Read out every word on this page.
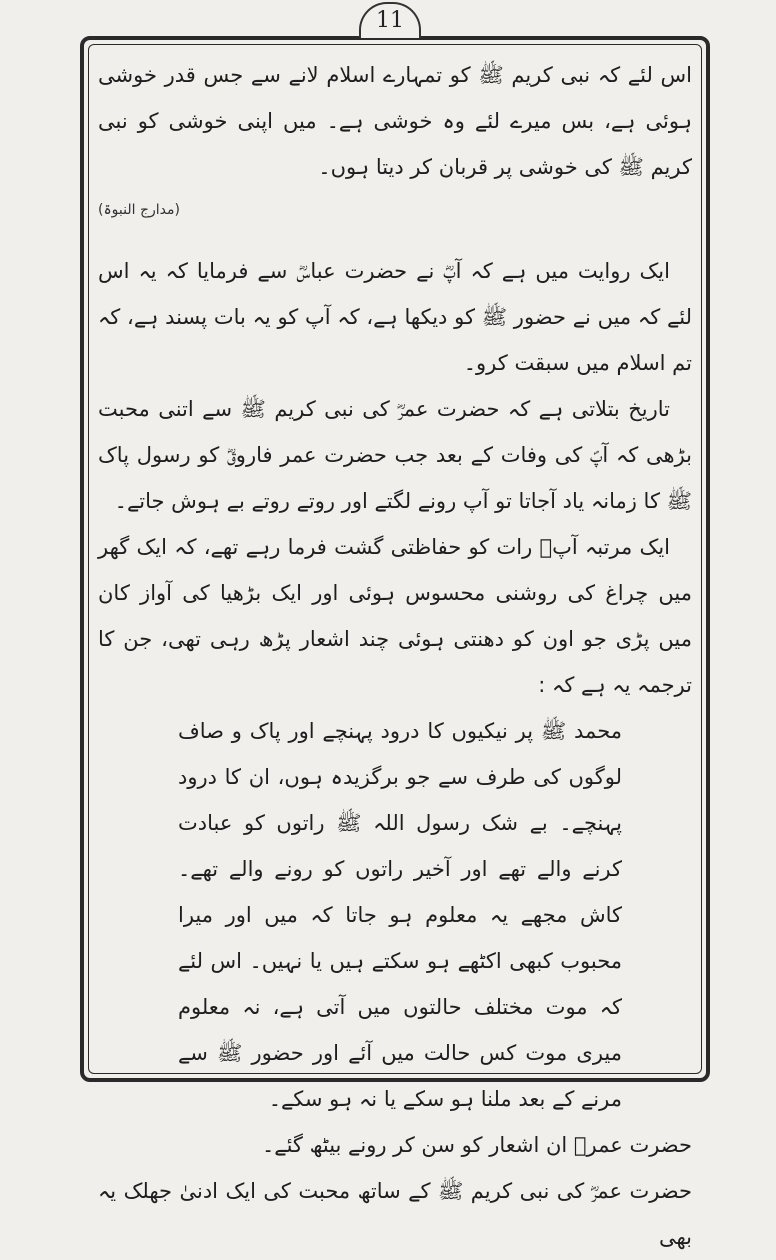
11

اس لئے کہ نبی کریم ﷺ کو تمہارے اسلام لانے سے جس قدر خوشی ہوئی ہے، بس میرے لئے وہ خوشی ہے۔ میں اپنی خوشی کو نبی کریم ﷺ کی خوشی پر قربان کر دیتا ہوں۔

(مدارج النبوۃ)

ایک روایت میں ہے کہ آپؓ نے حضرت عباسؓ سے فرمایا کہ یہ اس لئے کہ میں نے حضور ﷺ کو دیکھا ہے، کہ آپ کو یہ بات پسند ہے، کہ تم اسلام میں سبقت کرو۔

تاریخ بتلاتی ہے کہ حضرت عمرؓ کی نبی کریم ﷺ سے اتنی محبت بڑھی کہ آپؐ کی وفات کے بعد جب حضرت عمر فاروقؓ کو رسول پاک ﷺ کا زمانہ یاد آجاتا تو آپ رونے لگتے اور روتے روتے بے ہوش جاتے۔

ایک مرتبہ آپؓ رات کو حفاظتی گشت فرما رہے تھے، کہ ایک گھر میں چراغ کی روشنی محسوس ہوئی اور ایک بڑھیا کی آواز کان میں پڑی جو اون کو دھنتی ہوئی چند اشعار پڑھ رہی تھی، جن کا ترجمہ یہ ہے کہ :

محمد ﷺ پر نیکیوں کا درود پہنچے اور پاک و صاف لوگوں کی طرف سے جو برگزیدہ ہوں، ان کا درود پہنچے۔ بے شک رسول اللہ ﷺ راتوں کو عبادت کرنے والے تھے اور آخیر راتوں کو رونے والے تھے۔ کاش مجھے یہ معلوم ہو جاتا کہ میں اور میرا محبوب کبھی اکٹھے ہو سکتے ہیں یا نہیں۔ اس لئے کہ موت مختلف حالتوں میں آتی ہے، نہ معلوم میری موت کس حالت میں آئے اور حضور ﷺ سے مرنے کے بعد ملنا ہو سکے یا نہ ہو سکے۔

حضرت عمرؓ ان اشعار کو سن کر رونے بیٹھ گئے۔

حضرت عمرؓ کی نبی کریم ﷺ کے ساتھ محبت کی ایک ادنیٰ جھلک یہ بھی
